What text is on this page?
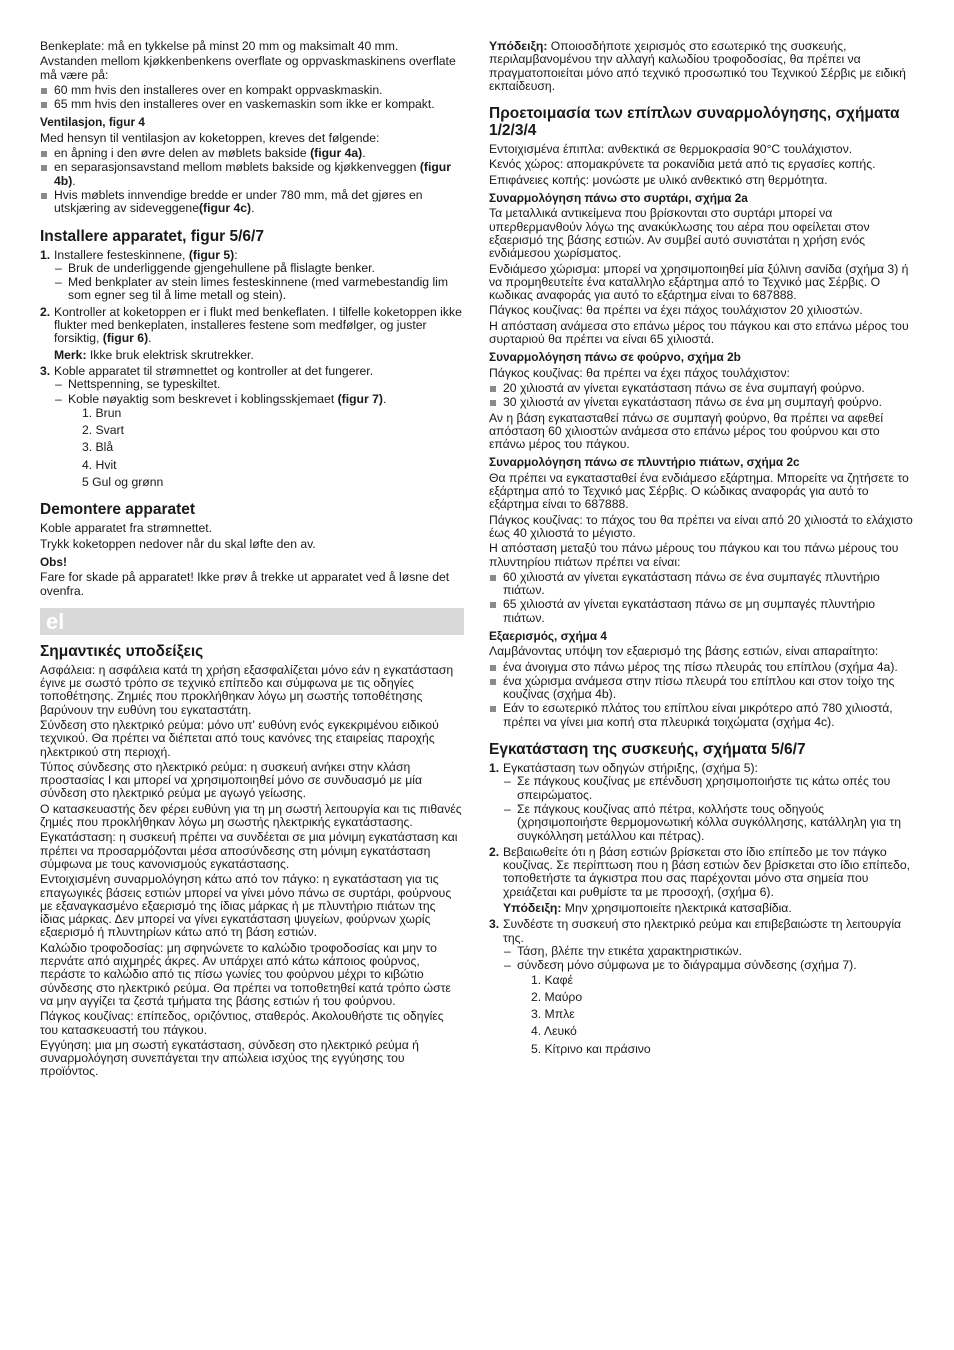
Benkeplate: må en tykkelse på minst 20 mm og maksimalt 40 mm.

Avstanden mellom kjøkkenbenkens overflate og oppvaskmaskinens overflate må være på:

60 mm hvis den installeres over en kompakt oppvaskmaskin.
65 mm hvis den installeres over en vaskemaskin som ikke er kompakt.
Ventilasjon, figur 4

Med hensyn til ventilasjon av koketoppen, kreves det følgende:

en åpning i den øvre delen av møblets bakside (figur 4a).
en separasjonsavstand mellom møblets bakside og kjøkkenveggen (figur 4b).
Hvis møblets innvendige bredde er under 780 mm, må det gjøres en utskjæring av sideveggene(figur 4c).
Installere apparatet, figur 5/6/7
1. Installere festeskinnene, (figur 5):
– Bruk de underliggende gjengehullene på flislagte benker.
– Med benkplater av stein limes festeskinnene (med varmebestandig lim som egner seg til å lime metall og stein).
2. Kontroller at koketoppen er i flukt med benkeflaten. I tilfelle koketoppen ikke flukter med benkeplaten, installeres festene som medfølger, og juster forsiktig, (figur 6).

Merk: Ikke bruk elektrisk skrutrekker.

3. Koble apparatet til strømnettet og kontroller at det fungerer.
– Nettspenning, se typeskiltet.
– Koble nøyaktig som beskrevet i koblingsskjemaet (figur 7).
1. Brun
2. Svart
3. Blå
4. Hvit
5 Gul og grønn
Demontere apparatet

Koble apparatet fra strømnettet.

Trykk koketoppen nedover når du skal løfte den av.

Obs!

Fare for skade på apparatet! Ikke prøv å trekke ut apparatet ved å løsne det ovenfra.

el
Σημαντικές υποδείξεις

Ασφάλεια: η ασφάλεια κατά τη χρήση εξασφαλίζεται μόνο εάν η εγκατάσταση έγινε με σωστό τρόπο σε τεχνικό επίπεδο και σύμφωνα με τις οδηγίες τοποθέτησης. Ζημιές που προκλήθηκαν λόγω μη σωστής τοποθέτησης βαρύνουν την ευθύνη του εγκαταστάτη.

Σύνδεση στο ηλεκτρικό ρεύμα: μόνο υπ' ευθύνη ενός εγκεκριμένου ειδικού τεχνικού. Θα πρέπει να διέπεται από τους κανόνες της εταιρείας παροχής ηλεκτρικού στη περιοχή.

Τύπος σύνδεσης στο ηλεκτρικό ρεύμα: η συσκευή ανήκει στην κλάση προστασίας I και μπορεί να χρησιμοποιηθεί μόνο σε συνδυασμό με μία σύνδεση στο ηλεκτρικό ρεύμα με αγωγό γείωσης.

Ο κατασκευαστής δεν φέρει ευθύνη για τη μη σωστή λειτουργία και τις πιθανές ζημιές που προκλήθηκαν λόγω μη σωστής ηλεκτρικής εγκατάστασης.

Εγκατάσταση: η συσκευή πρέπει να συνδέεται σε μια μόνιμη εγκατάσταση και πρέπει να προσαρμόζονται μέσα αποσύνδεσης στη μόνιμη εγκατάσταση σύμφωνα με τους κανονισμούς εγκατάστασης.

Εντοιχισμένη συναρμολόγηση κάτω από τον πάγκο: η εγκατάσταση για τις επαγωγικές βάσεις εστιών μπορεί να γίνει μόνο πάνω σε συρτάρι, φούρνους με εξαναγκασμένο εξαερισμό της ίδιας μάρκας ή με πλυντήριο πιάτων της ίδιας μάρκας. Δεν μπορεί να γίνει εγκατάσταση ψυγείων, φούρνων χωρίς εξαερισμό ή πλυντηρίων κάτω από τη βάση εστιών.

Καλώδιο τροφοδοσίας: μη σφηνώνετε το καλώδιο τροφοδοσίας και μην το περνάτε από αιχμηρές άκρες. Αν υπάρχει από κάτω κάποιος φούρνος, περάστε το καλώδιο από τις πίσω γωνίες του φούρνου μέχρι το κιβώτιο σύνδεσης στο ηλεκτρικό ρεύμα. Θα πρέπει να τοποθετηθεί κατά τρόπο ώστε να μην αγγίζει τα ζεστά τμήματα της βάσης εστιών ή του φούρνου.

Πάγκος κουζίνας: επίπεδος, οριζόντιος, σταθερός. Ακολουθήστε τις οδηγίες του κατασκευαστή του πάγκου.

Εγγύηση: μια μη σωστή εγκατάσταση, σύνδεση στο ηλεκτρικό ρεύμα ή συναρμολόγηση συνεπάγεται την απώλεια ισχύος της εγγύησης του προϊόντος.

Υπόδειξη: Οποιοσδήποτε χειρισμός στο εσωτερικό της συσκευής, περιλαμβανομένου την αλλαγή καλωδίου τροφοδοσίας, θα πρέπει να πραγματοποιείται μόνο από τεχνικό προσωπικό του Τεχνικού Σέρβις με ειδική εκπαίδευση.

Προετοιμασία των επίπλων συναρμολόγησης, σχήματα 1/2/3/4

Εντοιχισμένα έπιπλα: ανθεκτικά σε θερμοκρασία 90°C τουλάχιστον.

Κενός χώρος: απομακρύνετε τα ροκανίδια μετά από τις εργασίες κοπής.

Επιφάνειες κοπής: μονώστε με υλικό ανθεκτικό στη θερμότητα.

Συναρμολόγηση πάνω στο συρτάρι, σχήμα 2a

Τα μεταλλικά αντικείμενα που βρίσκονται στο συρτάρι μπορεί να υπερθερμανθούν λόγω της ανακύκλωσης του αέρα που οφείλεται στον εξαερισμό της βάσης εστιών. Αν συμβεί αυτό συνιστάται η χρήση ενός ενδιάμεσου χωρίσματος.

Ενδιάμεσο χώρισμα: μπορεί να χρησιμοποιηθεί μία ξύλινη σανίδα (σχήμα 3) ή να προμηθευτείτε ένα καταλληλο εξάρτημα από το Τεχνικό μας Σέρβις. Ο κωδικας αναφοράς για αυτό το εξάρτημα είναι το 687888.

Πάγκος κουζίνας: θα πρέπει να έχει πάχος τουλάχιστον 20 χιλιοστών.

Η απόσταση ανάμεσα στο επάνω μέρος του πάγκου και στο επάνω μέρος του συρταριού θα πρέπει να είναι 65 χιλιοστά.

Συναρμολόγηση πάνω σε φούρνο, σχήμα 2b

Πάγκος κουζίνας: θα πρέπει να έχει πάχος τουλάχιστον:

20 χιλιοστά αν γίνεται εγκατάσταση πάνω σε ένα συμπαγή φούρνο.
30 χιλιοστά αν γίνεται εγκατάσταση πάνω σε ένα μη συμπαγή φούρνο.

Αν η βάση εγκατασταθεί πάνω σε συμπαγή φούρνο, θα πρέπει να αφεθεί απόσταση 60 χιλιοστών ανάμεσα στο επάνω μέρος του φούρνου και στο επάνω μέρος του πάγκου.

Συναρμολόγηση πάνω σε πλυντήριο πιάτων, σχήμα 2c

Θα πρέπει να εγκατασταθεί ένα ενδιάμεσο εξάρτημα. Μπορείτε να ζητήσετε το εξάρτημα από το Τεχνικό μας Σέρβις. Ο κώδικας αναφοράς για αυτό το εξάρτημα είναι το 687888.

Πάγκος κουζίνας: το πάχος του θα πρέπει να είναι από 20 χιλιοστά το ελάχιστο έως 40 χιλιοστά το μέγιστο.

Η απόσταση μεταξύ του πάνω μέρους του πάγκου και του πάνω μέρους του πλυντηρίου πιάτων πρέπει να είναι:

60 χιλιοστά αν γίνεται εγκατάσταση πάνω σε ένα συμπαγές πλυντήριο πιάτων.
65 χιλιοστά αν γίνεται εγκατάσταση πάνω σε μη συμπαγές πλυντήριο πιάτων.
Εξαερισμός, σχήμα 4

Λαμβάνοντας υπόψη τον εξαερισμό της βάσης εστιών, είναι απαραίτητο:

ένα άνοιγμα στο πάνω μέρος της πίσω πλευράς του επίπλου (σχήμα 4a).
ένα χώρισμα ανάμεσα στην πίσω πλευρά του επίπλου και στον τοίχο της κουζίνας (σχήμα 4b).
Εάν το εσωτερικό πλάτος του επίπλου είναι μικρότερο από 780 χιλιοστά, πρέπει να γίνει μια κοπή στα πλευρικά τοιχώματα (σχήμα 4c).
Εγκατάσταση της συσκευής, σχήματα 5/6/7
1. Εγκατάσταση των οδηγών στήριξης, (σχήμα 5):
– Σε πάγκους κουζίνας με επένδυση χρησιμοποιήστε τις κάτω οπές του σπειρώματος.
– Σε πάγκους κουζίνας από πέτρα, κολλήστε τους οδηγούς (χρησιμοποιήστε θερμομονωτική κόλλα συγκόλλησης, κατάλληλη για τη συγκόλληση μετάλλου και πέτρας).
2. Βεβαιωθείτε ότι η βάση εστιών βρίσκεται στο ίδιο επίπεδο με τον πάγκο κουζίνας. Σε περίπτωση που η βάση εστιών δεν βρίσκεται στο ίδιο επίπεδο, τοποθετήστε τα άγκιστρα που σας παρέχονται μόνο στα σημεία που χρειάζεται και ρυθμίστε τα με προσοχή, (σχήμα 6).

Υπόδειξη: Μην χρησιμοποιείτε ηλεκτρικά κατσαβίδια.

3. Συνδέστε τη συσκευή στο ηλεκτρικό ρεύμα και επιβεβαιώστε τη λειτουργία της.
– Τάση, βλέπε την ετικέτα χαρακτηριστικών.
– σύνδεση μόνο σύμφωνα με το διάγραμμα σύνδεσης (σχήμα 7).
1. Καφέ
2. Μαύρο
3. Μπλε
4. Λευκό
5. Κίτρινο και πράσινο
